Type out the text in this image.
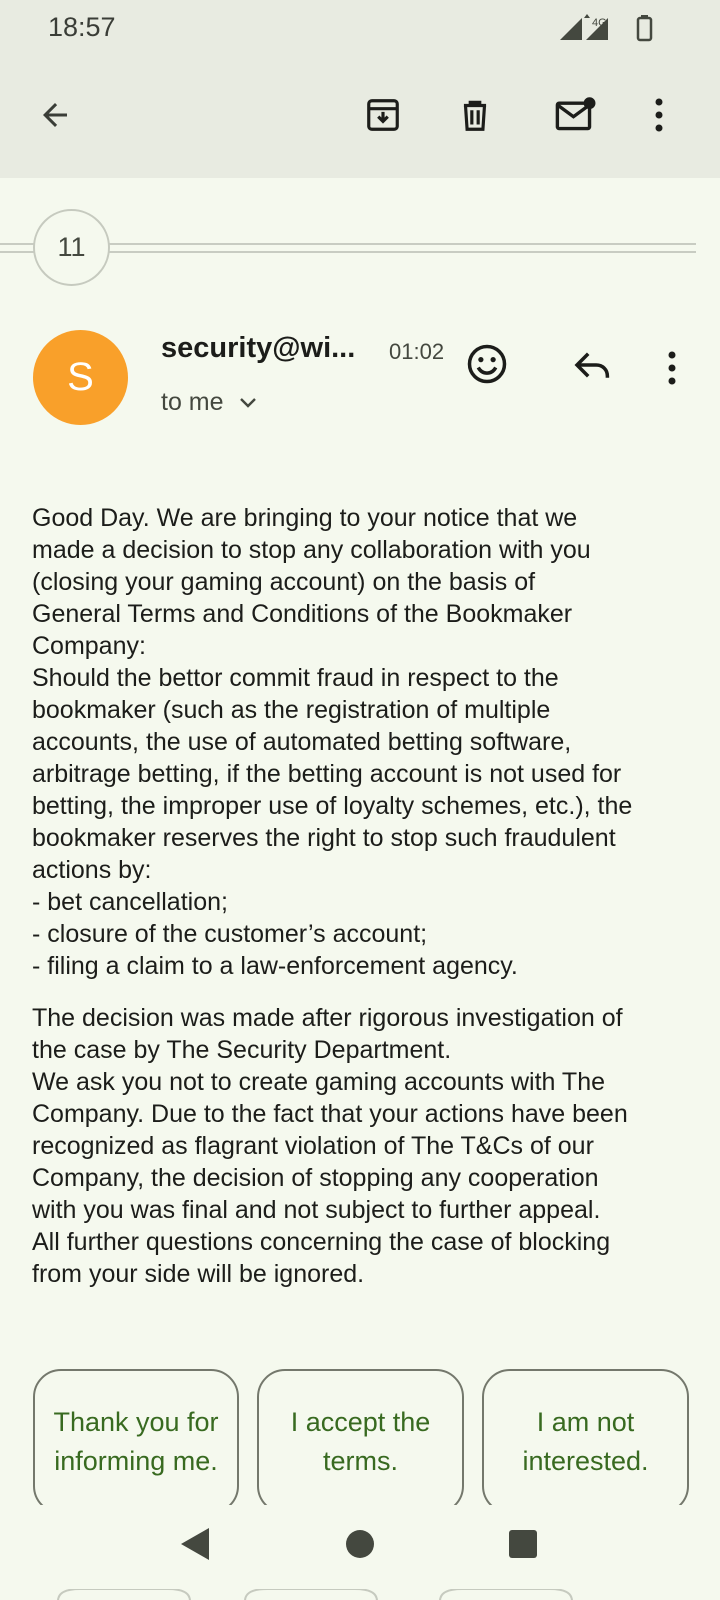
18:57	4G
11
S
security@wi...	01:02
to me

Good Day. We are bringing to your notice that we
made a decision to stop any collaboration with you
(closing your gaming account) on the basis of
General Terms and Conditions of the Bookmaker
Company:
Should the bettor commit fraud in respect to the
bookmaker (such as the registration of multiple
accounts, the use of automated betting software,
arbitrage betting, if the betting account is not used for
betting, the improper use of loyalty schemes, etc.), the
bookmaker reserves the right to stop such fraudulent
actions by:
- bet cancellation;
- closure of the customer’s account;
- filing a claim to a law-enforcement agency.

The decision was made after rigorous investigation of
the case by The Security Department.
We ask you not to create gaming accounts with The
Company. Due to the fact that your actions have been
recognized as flagrant violation of The T&Cs of our
Company, the decision of stopping any cooperation
with you was final and not subject to further appeal.
All further questions concerning the case of blocking
from your side will be ignored.

Thank you for informing me.
I accept the terms.
I am not interested.
